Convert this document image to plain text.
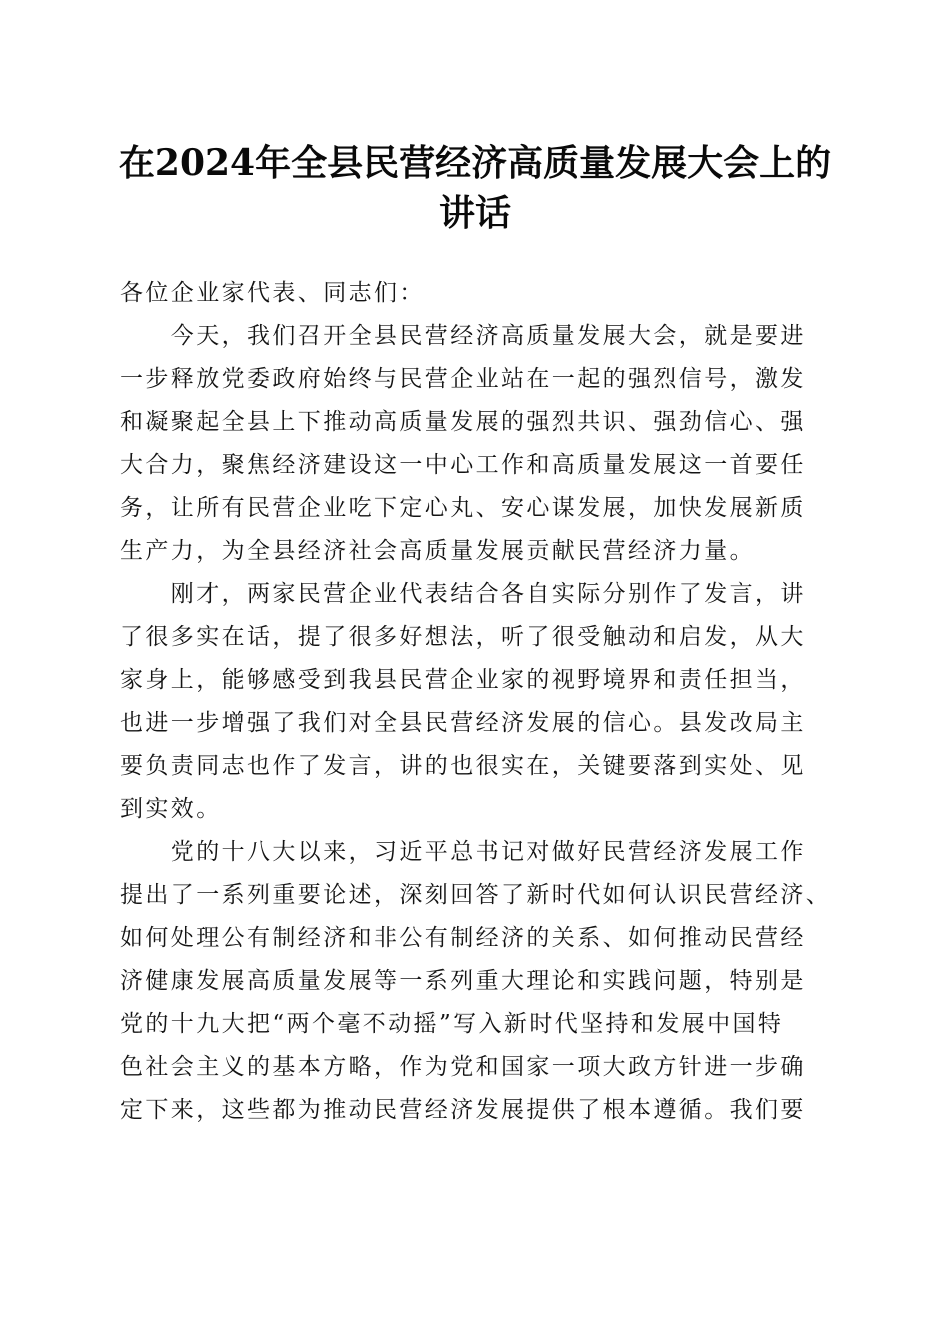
在2024年全县民营经济高质量发展大会上的
讲话
各位企业家代表、同志们：
　　今天，我们召开全县民营经济高质量发展大会，就是要进
一步释放党委政府始终与民营企业站在一起的强烈信号，激发
和凝聚起全县上下推动高质量发展的强烈共识、强劲信心、强
大合力，聚焦经济建设这一中心工作和高质量发展这一首要任
务，让所有民营企业吃下定心丸、安心谋发展，加快发展新质
生产力，为全县经济社会高质量发展贡献民营经济力量。
　　刚才，两家民营企业代表结合各自实际分别作了发言，讲
了很多实在话，提了很多好想法，听了很受触动和启发，从大
家身上，能够感受到我县民营企业家的视野境界和责任担当，
也进一步增强了我们对全县民营经济发展的信心。县发改局主
要负责同志也作了发言，讲的也很实在，关键要落到实处、见
到实效。
　　党的十八大以来，习近平总书记对做好民营经济发展工作
提出了一系列重要论述，深刻回答了新时代如何认识民营经济、
如何处理公有制经济和非公有制经济的关系、如何推动民营经
济健康发展高质量发展等一系列重大理论和实践问题，特别是
党的十九大把“两个毫不动摇”写入新时代坚持和发展中国特
色社会主义的基本方略，作为党和国家一项大政方针进一步确
定下来，这些都为推动民营经济发展提供了根本遵循。我们要
